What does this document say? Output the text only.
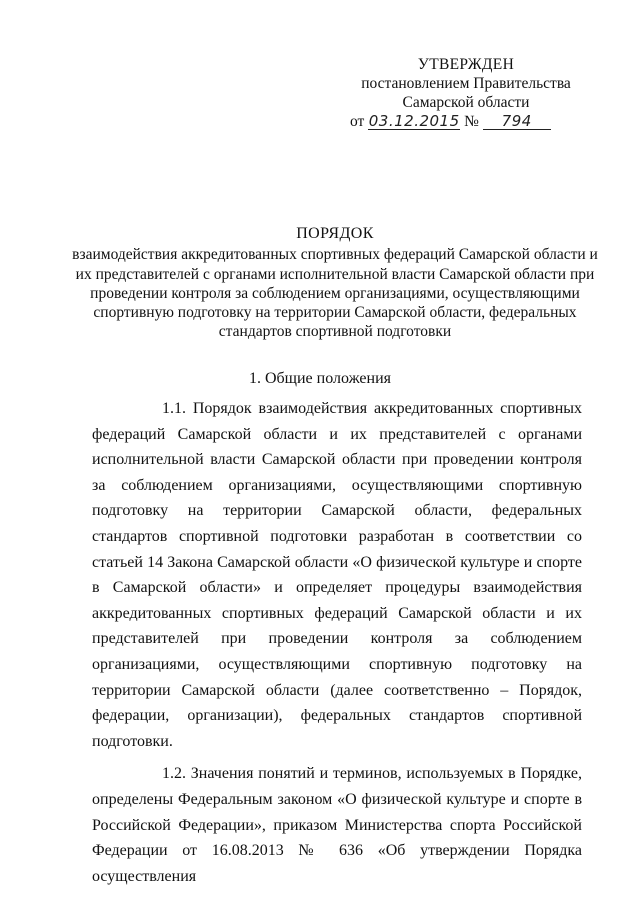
УТВЕРЖДЕН
постановлением Правительства
Самарской области
от 03.12.2015 № 794
ПОРЯДОК
взаимодействия аккредитованных спортивных федераций Самарской области и их представителей с органами исполнительной власти Самарской области при проведении контроля за соблюдением организациями, осуществляющими спортивную подготовку на территории Самарской области, федеральных стандартов спортивной подготовки
1. Общие положения

1.1. Порядок взаимодействия аккредитованных спортивных федераций Самарской области и их представителей с органами исполнительной власти Самарской области при проведении контроля за соблюдением организациями, осуществляющими спортивную подготовку на территории Самарской области, федеральных стандартов спортивной подготовки разработан в соответствии со статьей 14 Закона Самарской области «О физической культуре и спорте в Самарской области» и определяет процедуры взаимодействия аккредитованных спортивных федераций Самарской области и их представителей при проведении контроля за соблюдением организациями, осуществляющими спортивную подготовку на территории Самарской области (далее соответственно – Порядок, федерации, организации), федеральных стандартов спортивной подготовки.

1.2. Значения понятий и терминов, используемых в Порядке, определены Федеральным законом «О физической культуре и спорте в Российской Федерации», приказом Министерства спорта Российской Федерации от 16.08.2013 № 636 «Об утверждении Порядка осуществления
